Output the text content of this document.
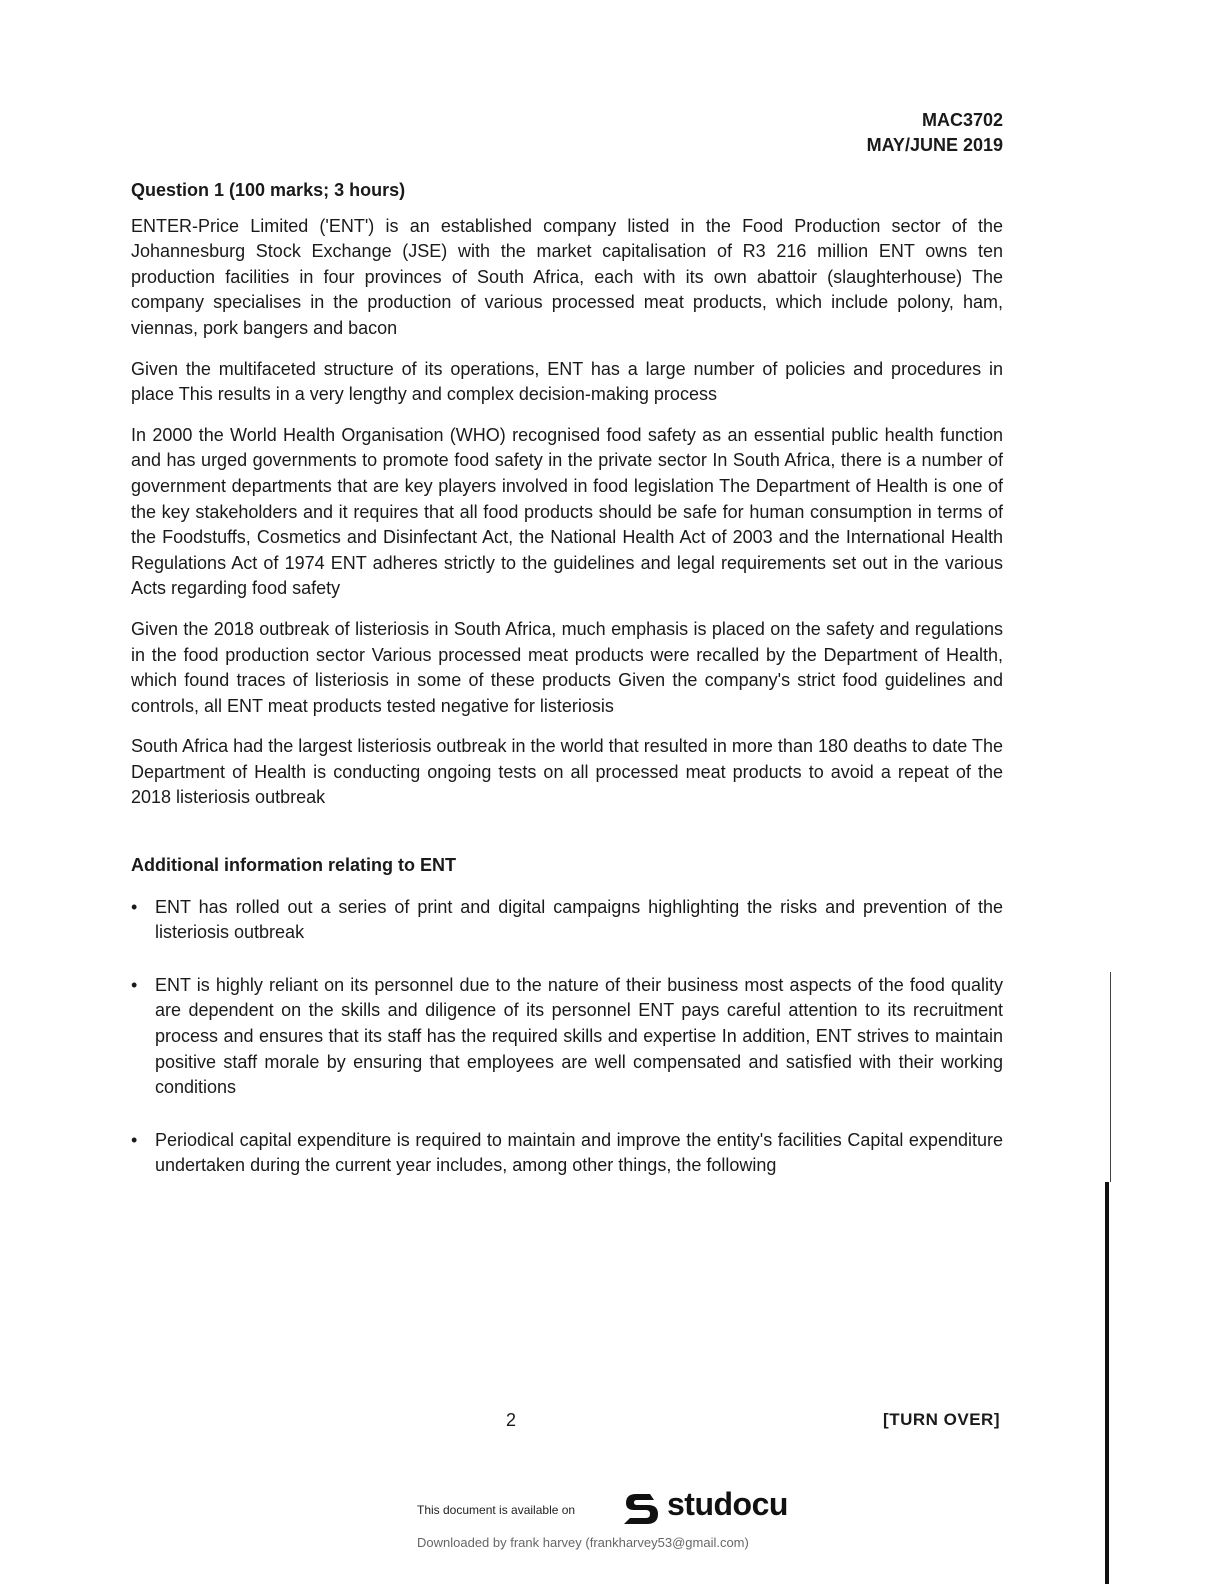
MAC3702
MAY/JUNE 2019

Question 1 (100 marks; 3 hours)

ENTER-Price Limited ('ENT') is an established company listed in the Food Production sector of the Johannesburg Stock Exchange (JSE) with the market capitalisation of R3 216 million ENT owns ten production facilities in four provinces of South Africa, each with its own abattoir (slaughterhouse) The company specialises in the production of various processed meat products, which include polony, ham, viennas, pork bangers and bacon

Given the multifaceted structure of its operations, ENT has a large number of policies and procedures in place This results in a very lengthy and complex decision-making process

In 2000 the World Health Organisation (WHO) recognised food safety as an essential public health function and has urged governments to promote food safety in the private sector In South Africa, there is a number of government departments that are key players involved in food legislation The Department of Health is one of the key stakeholders and it requires that all food products should be safe for human consumption in terms of the Foodstuffs, Cosmetics and Disinfectant Act, the National Health Act of 2003 and the International Health Regulations Act of 1974 ENT adheres strictly to the guidelines and legal requirements set out in the various Acts regarding food safety

Given the 2018 outbreak of listeriosis in South Africa, much emphasis is placed on the safety and regulations in the food production sector Various processed meat products were recalled by the Department of Health, which found traces of listeriosis in some of these products Given the company's strict food guidelines and controls, all ENT meat products tested negative for listeriosis

South Africa had the largest listeriosis outbreak in the world that resulted in more than 180 deaths to date The Department of Health is conducting ongoing tests on all processed meat products to avoid a repeat of the 2018 listeriosis outbreak

Additional information relating to ENT

• ENT has rolled out a series of print and digital campaigns highlighting the risks and prevention of the listeriosis outbreak
• ENT is highly reliant on its personnel due to the nature of their business most aspects of the food quality are dependent on the skills and diligence of its personnel ENT pays careful attention to its recruitment process and ensures that its staff has the required skills and expertise In addition, ENT strives to maintain positive staff morale by ensuring that employees are well compensated and satisfied with their working conditions
• Periodical capital expenditure is required to maintain and improve the entity's facilities Capital expenditure undertaken during the current year includes, among other things, the following
2	[TURN OVER]
This document is available on	studocu
Downloaded by frank harvey (frankharvey53@gmail.com)
